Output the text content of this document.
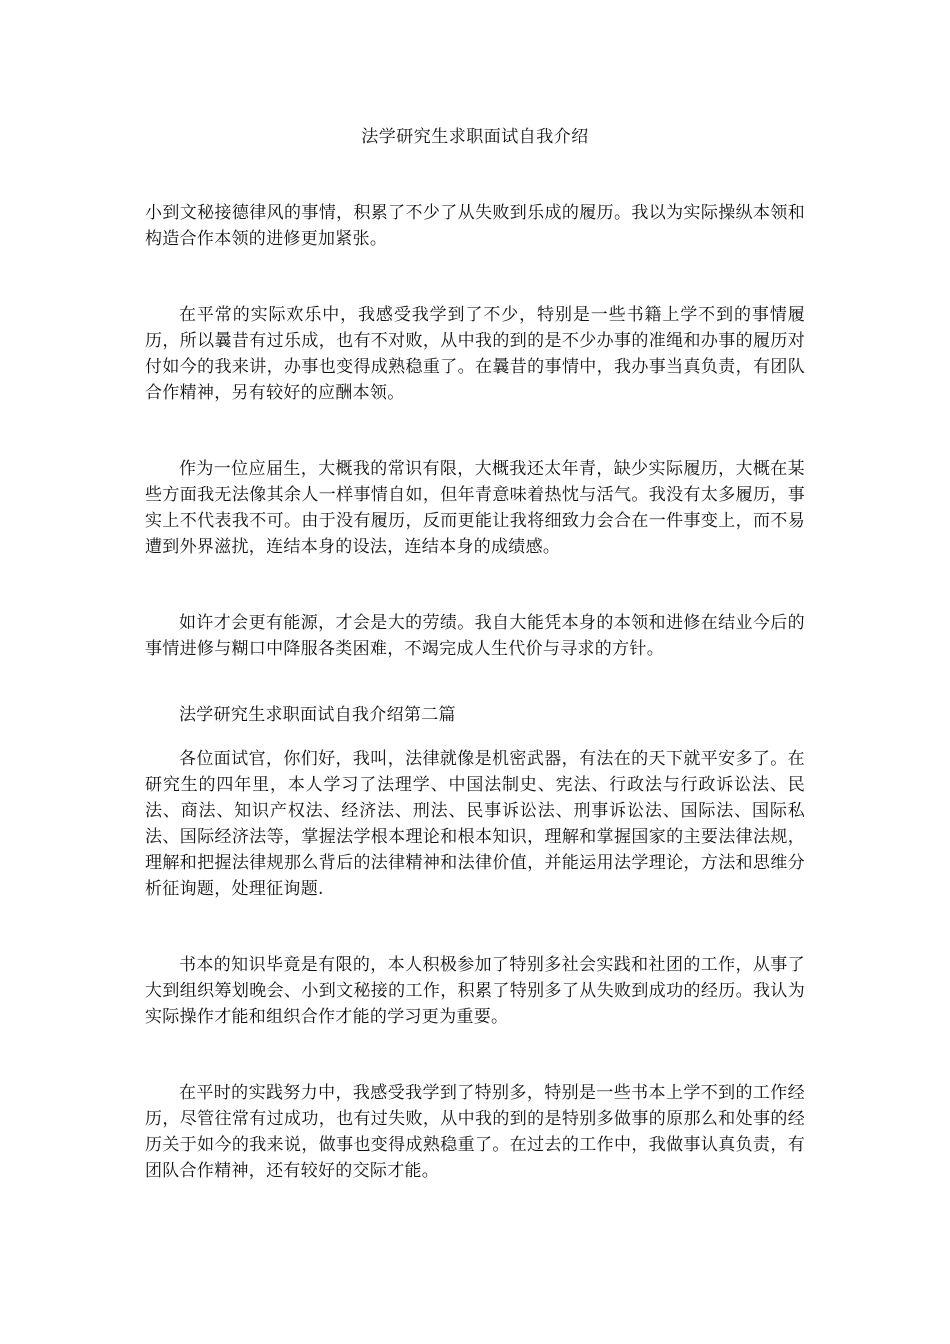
法学研究生求职面试自我介绍

小到文秘接德律风的事情，积累了不少了从失败到乐成的履历。我以为实际操纵本领和构造合作本领的进修更加紧张。

在平常的实际欢乐中，我感受我学到了不少，特别是一些书籍上学不到的事情履历，所以曩昔有过乐成，也有不对败，从中我的到的是不少办事的准绳和办事的履历对付如今的我来讲，办事也变得成熟稳重了。在曩昔的事情中，我办事当真负责，有团队合作精神，另有较好的应酬本领。

作为一位应届生，大概我的常识有限，大概我还太年青，缺少实际履历，大概在某些方面我无法像其余人一样事情自如，但年青意味着热忱与活气。我没有太多履历，事实上不代表我不可。由于没有履历，反而更能让我将细致力会合在一件事变上，而不易遭到外界滋扰，连结本身的设法，连结本身的成绩感。

如许才会更有能源，才会是大的劳绩。我自大能凭本身的本领和进修在结业今后的事情进修与糊口中降服各类困难，不竭完成人生代价与寻求的方针。

法学研究生求职面试自我介绍第二篇

各位面试官，你们好，我叫，法律就像是机密武器，有法在的天下就平安多了。在研究生的四年里，本人学习了法理学、中国法制史、宪法、行政法与行政诉讼法、民法、商法、知识产权法、经济法、刑法、民事诉讼法、刑事诉讼法、国际法、国际私法、国际经济法等，掌握法学根本理论和根本知识，理解和掌握国家的主要法律法规，理解和把握法律规那么背后的法律精神和法律价值，并能运用法学理论，方法和思维分析征询题，处理征询题.

书本的知识毕竟是有限的，本人积极参加了特别多社会实践和社团的工作，从事了大到组织筹划晚会、小到文秘接的工作，积累了特别多了从失败到成功的经历。我认为实际操作才能和组织合作才能的学习更为重要。

在平时的实践努力中，我感受我学到了特别多，特别是一些书本上学不到的工作经历，尽管往常有过成功，也有过失败，从中我的到的是特别多做事的原那么和处事的经历关于如今的我来说，做事也变得成熟稳重了。在过去的工作中，我做事认真负责，有团队合作精神，还有较好的交际才能。
